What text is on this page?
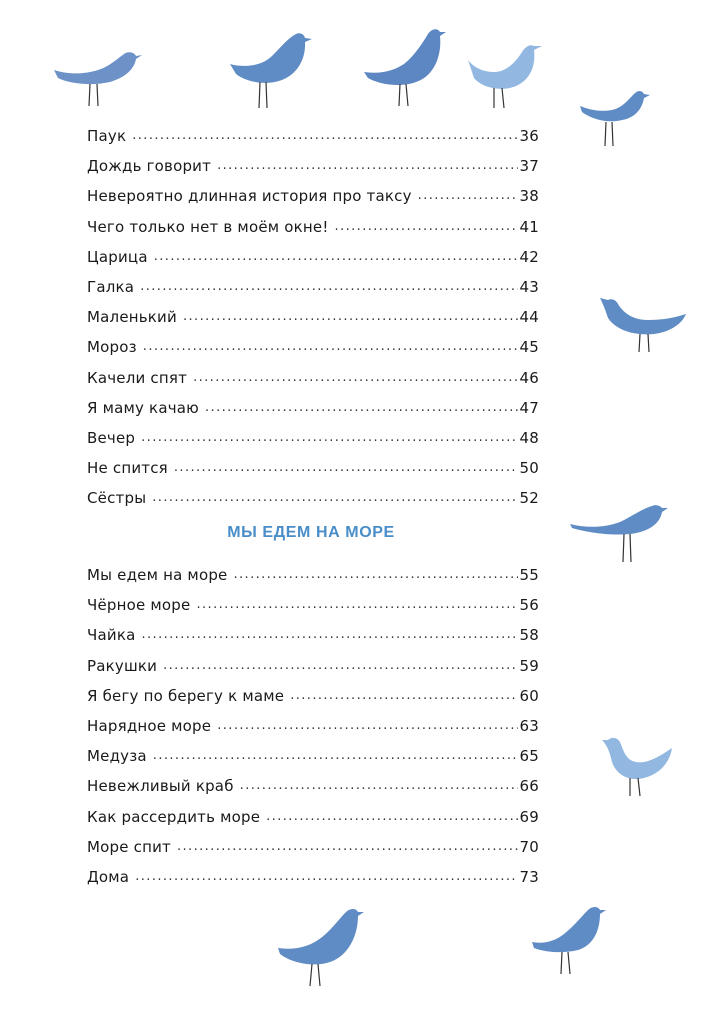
Паук .....	36
Дождь говорит .....	37
Невероятно длинная история про таксу .....	38
Чего только нет в моём окне! .....	41
Царица .....	42
Галка .....	43
Маленький .....	44
Мороз .....	45
Качели спят .....	46
Я маму качаю .....	47
Вечер .....	48
Не спится .....	50
Сёстры .....	52
МЫ ЕДЕМ НА МОРЕ
Мы едем на море .....	55
Чёрное море .....	56
Чайка .....	58
Ракушки .....	59
Я бегу по берегу к маме .....	60
Нарядное море .....	63
Медуза .....	65
Невежливый краб .....	66
Как рассердить море .....	69
Море спит .....	70
Дома .....	73
